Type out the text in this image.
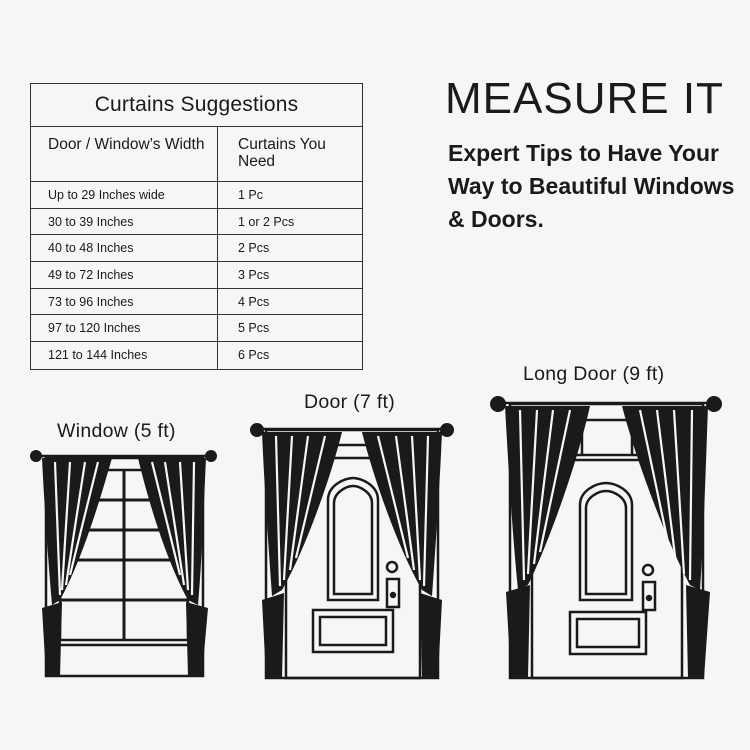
Curtains Suggestions
Door / Window’s Width	Curtains You Need
Up to 29 Inches wide	1 Pc
30 to 39 Inches	1 or 2 Pcs
40 to 48 Inches	2 Pcs
49 to 72 Inches	3 Pcs
73 to 96 Inches	4 Pcs
97 to 120 Inches	5 Pcs
121 to 144 Inches	6 Pcs
MEASURE IT
Expert Tips to Have Your Way to Beautiful Windows & Doors.
Window (5 ft)
Door (7 ft)
Long Door (9 ft)
